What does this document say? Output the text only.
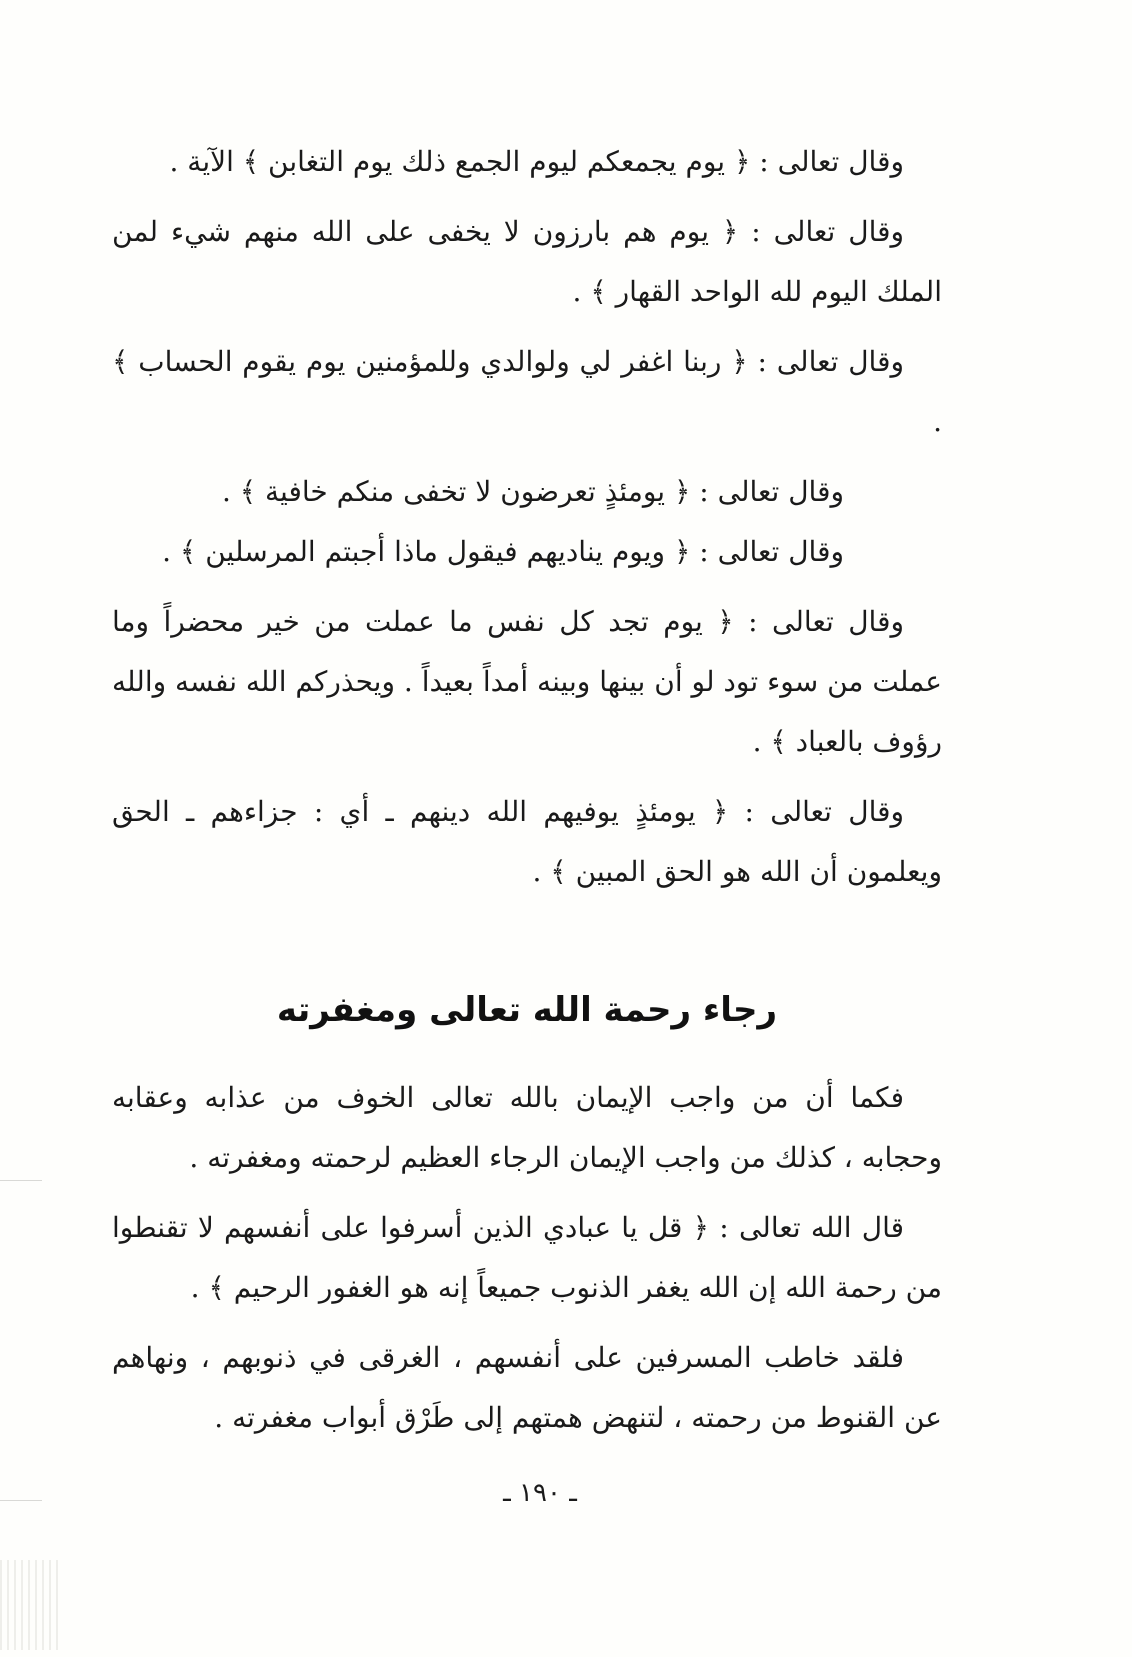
وقال تعالى : ﴿ يوم يجمعكم ليوم الجمع ذلك يوم التغابن ﴾ الآية .

وقال تعالى : ﴿ يوم هم بارزون لا يخفى على الله منهم شيء لمن الملك اليوم لله الواحد القهار ﴾ .

وقال تعالى : ﴿ ربنا اغفر لي ولوالدي وللمؤمنين يوم يقوم الحساب ﴾ .

وقال تعالى : ﴿ يومئذٍ تعرضون لا تخفى منكم خافية ﴾ .

وقال تعالى : ﴿ ويوم يناديهم فيقول ماذا أجبتم المرسلين ﴾ .

وقال تعالى : ﴿ يوم تجد كل نفس ما عملت من خير محضراً وما عملت من سوء تود لو أن بينها وبينه أمداً بعيداً . ويحذركم الله نفسه والله رؤوف بالعباد ﴾ .

وقال تعالى : ﴿ يومئذٍ يوفيهم الله دينهم ـ أي : جزاءهم ـ الحق ويعلمون أن الله هو الحق المبين ﴾ .

رجاء رحمة الله تعالى ومغفرته

فكما أن من واجب الإيمان بالله تعالى الخوف من عذابه وعقابه وحجابه ، كذلك من واجب الإيمان الرجاء العظيم لرحمته ومغفرته .

قال الله تعالى : ﴿ قل يا عبادي الذين أسرفوا على أنفسهم لا تقنطوا من رحمة الله إن الله يغفر الذنوب جميعاً إنه هو الغفور الرحيم ﴾ .

فلقد خاطب المسرفين على أنفسهم ، الغرقى في ذنوبهم ، ونهاهم عن القنوط من رحمته ، لتنهض همتهم إلى طَرْق أبواب مغفرته .

ـ ١٩٠ ـ
